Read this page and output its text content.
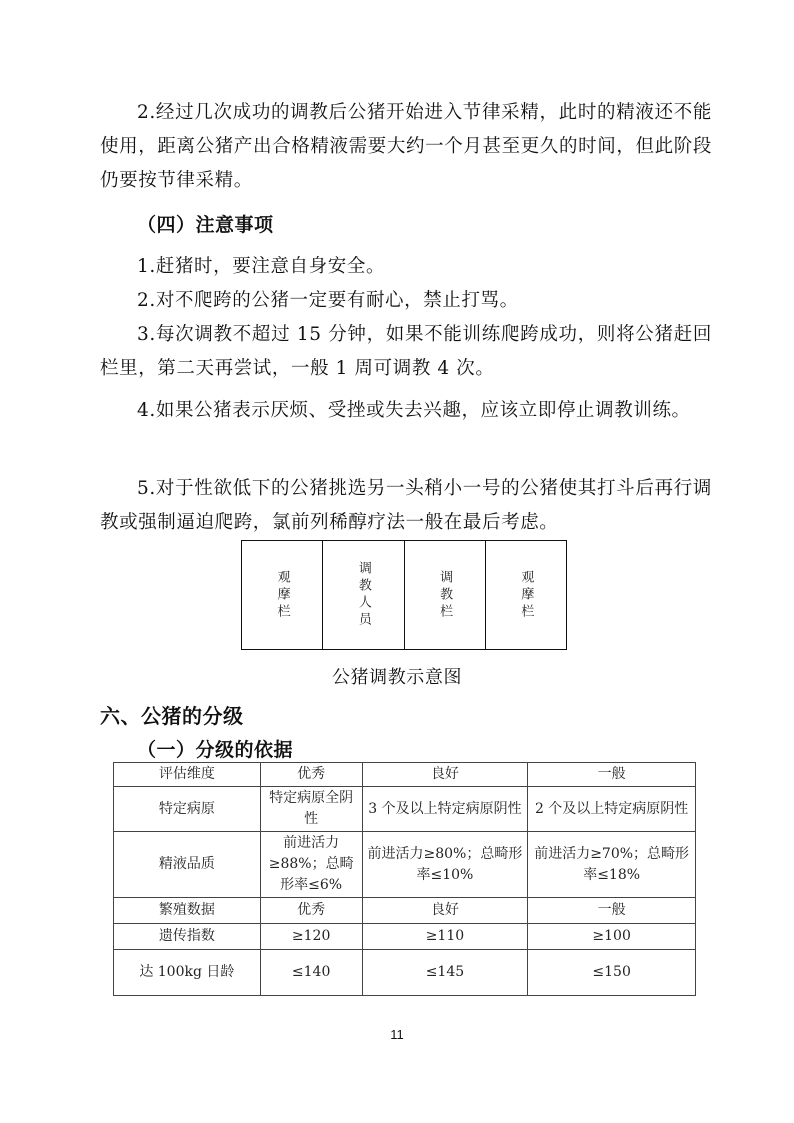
2.经过几次成功的调教后公猪开始进入节律采精，此时的精液还不能使用，距离公猪产出合格精液需要大约一个月甚至更久的时间，但此阶段仍要按节律采精。

（四）注意事项

1.赶猪时，要注意自身安全。

2.对不爬跨的公猪一定要有耐心，禁止打骂。

3.每次调教不超过 15 分钟，如果不能训练爬跨成功，则将公猪赶回栏里，第二天再尝试，一般 1 周可调教 4 次。

4.如果公猪表示厌烦、受挫或失去兴趣，应该立即停止调教训练。

5.对于性欲低下的公猪挑选另一头稍小一号的公猪使其打斗后再行调教或强制逼迫爬跨，氯前列稀醇疗法一般在最后考虑。

观摩栏	调教人员	调教栏	观摩栏
公猪调教示意图
六、公猪的分级
（一）分级的依据
评估维度	优秀	良好	一般
特定病原	特定病原全阴性	3 个及以上特定病原阴性	2 个及以上特定病原阴性
精液品质	前进活力≥88%；总畸形率≤6%	前进活力≥80%；总畸形率≤10%	前进活力≥70%；总畸形率≤18%
繁殖数据	优秀	良好	一般
遗传指数	≥120	≥110	≥100
达 100kg 日龄	≤140	≤145	≤150
11
